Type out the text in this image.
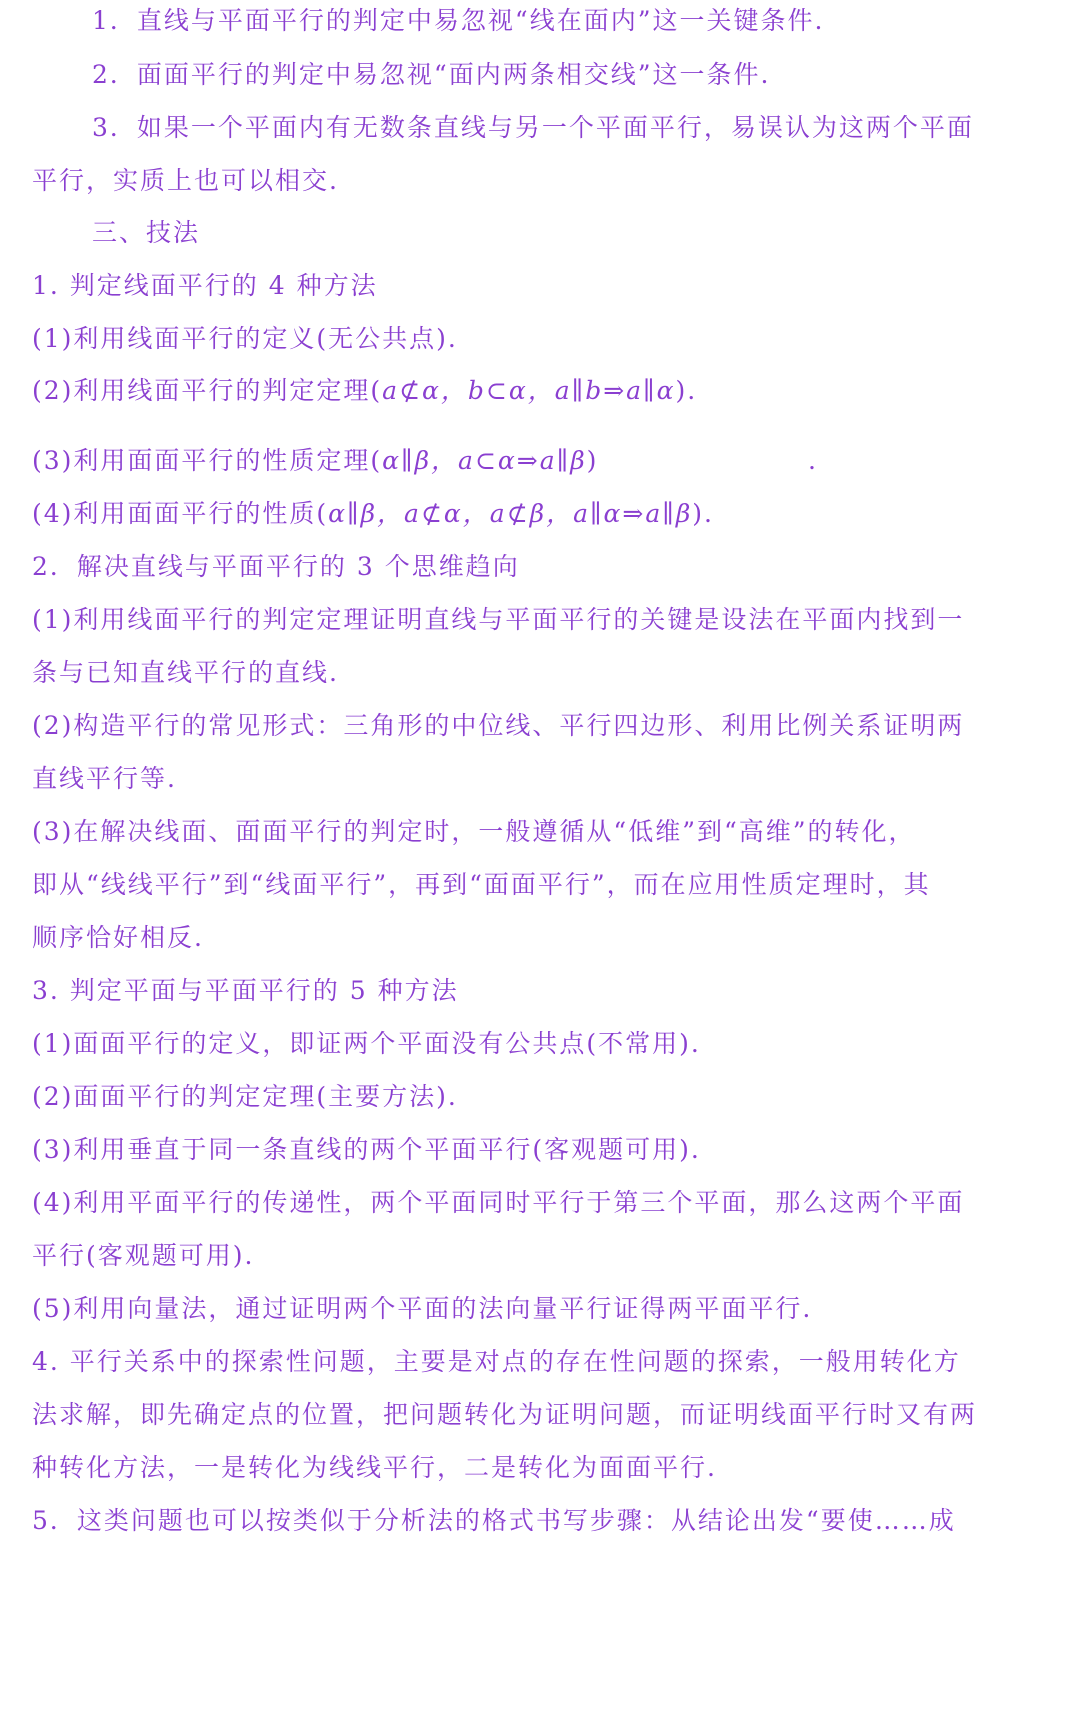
1．直线与平面平行的判定中易忽视“线在面内”这一关键条件.
2．面面平行的判定中易忽视“面内两条相交线”这一条件.
3．如果一个平面内有无数条直线与另一个平面平行，易误认为这两个平面
平行，实质上也可以相交.
三、技法
1. 判定线面平行的 4 种方法
(1)利用线面平行的定义(无公共点).
(2)利用线面平行的判定定理(a⊄α，b⊂α，a∥b⇒a∥α).
(3)利用面面平行的性质定理(α∥β，a⊂α⇒a∥β)	.
(4)利用面面平行的性质(α∥β，a⊄α，a⊄β，a∥α⇒a∥β).
2．解决直线与平面平行的 3 个思维趋向
(1)利用线面平行的判定定理证明直线与平面平行的关键是设法在平面内找到一
条与已知直线平行的直线.
(2)构造平行的常见形式：三角形的中位线、平行四边形、利用比例关系证明两
直线平行等.
(3)在解决线面、面面平行的判定时，一般遵循从“低维”到“高维”的转化，
即从“线线平行”到“线面平行”，再到“面面平行”，而在应用性质定理时，其
顺序恰好相反.
3. 判定平面与平面平行的 5 种方法
(1)面面平行的定义，即证两个平面没有公共点(不常用).
(2)面面平行的判定定理(主要方法).
(3)利用垂直于同一条直线的两个平面平行(客观题可用).
(4)利用平面平行的传递性，两个平面同时平行于第三个平面，那么这两个平面
平行(客观题可用).
(5)利用向量法，通过证明两个平面的法向量平行证得两平面平行.
4. 平行关系中的探索性问题，主要是对点的存在性问题的探索，一般用转化方
法求解，即先确定点的位置，把问题转化为证明问题，而证明线面平行时又有两
种转化方法，一是转化为线线平行，二是转化为面面平行.
5．这类问题也可以按类似于分析法的格式书写步骤：从结论出发“要使……成
